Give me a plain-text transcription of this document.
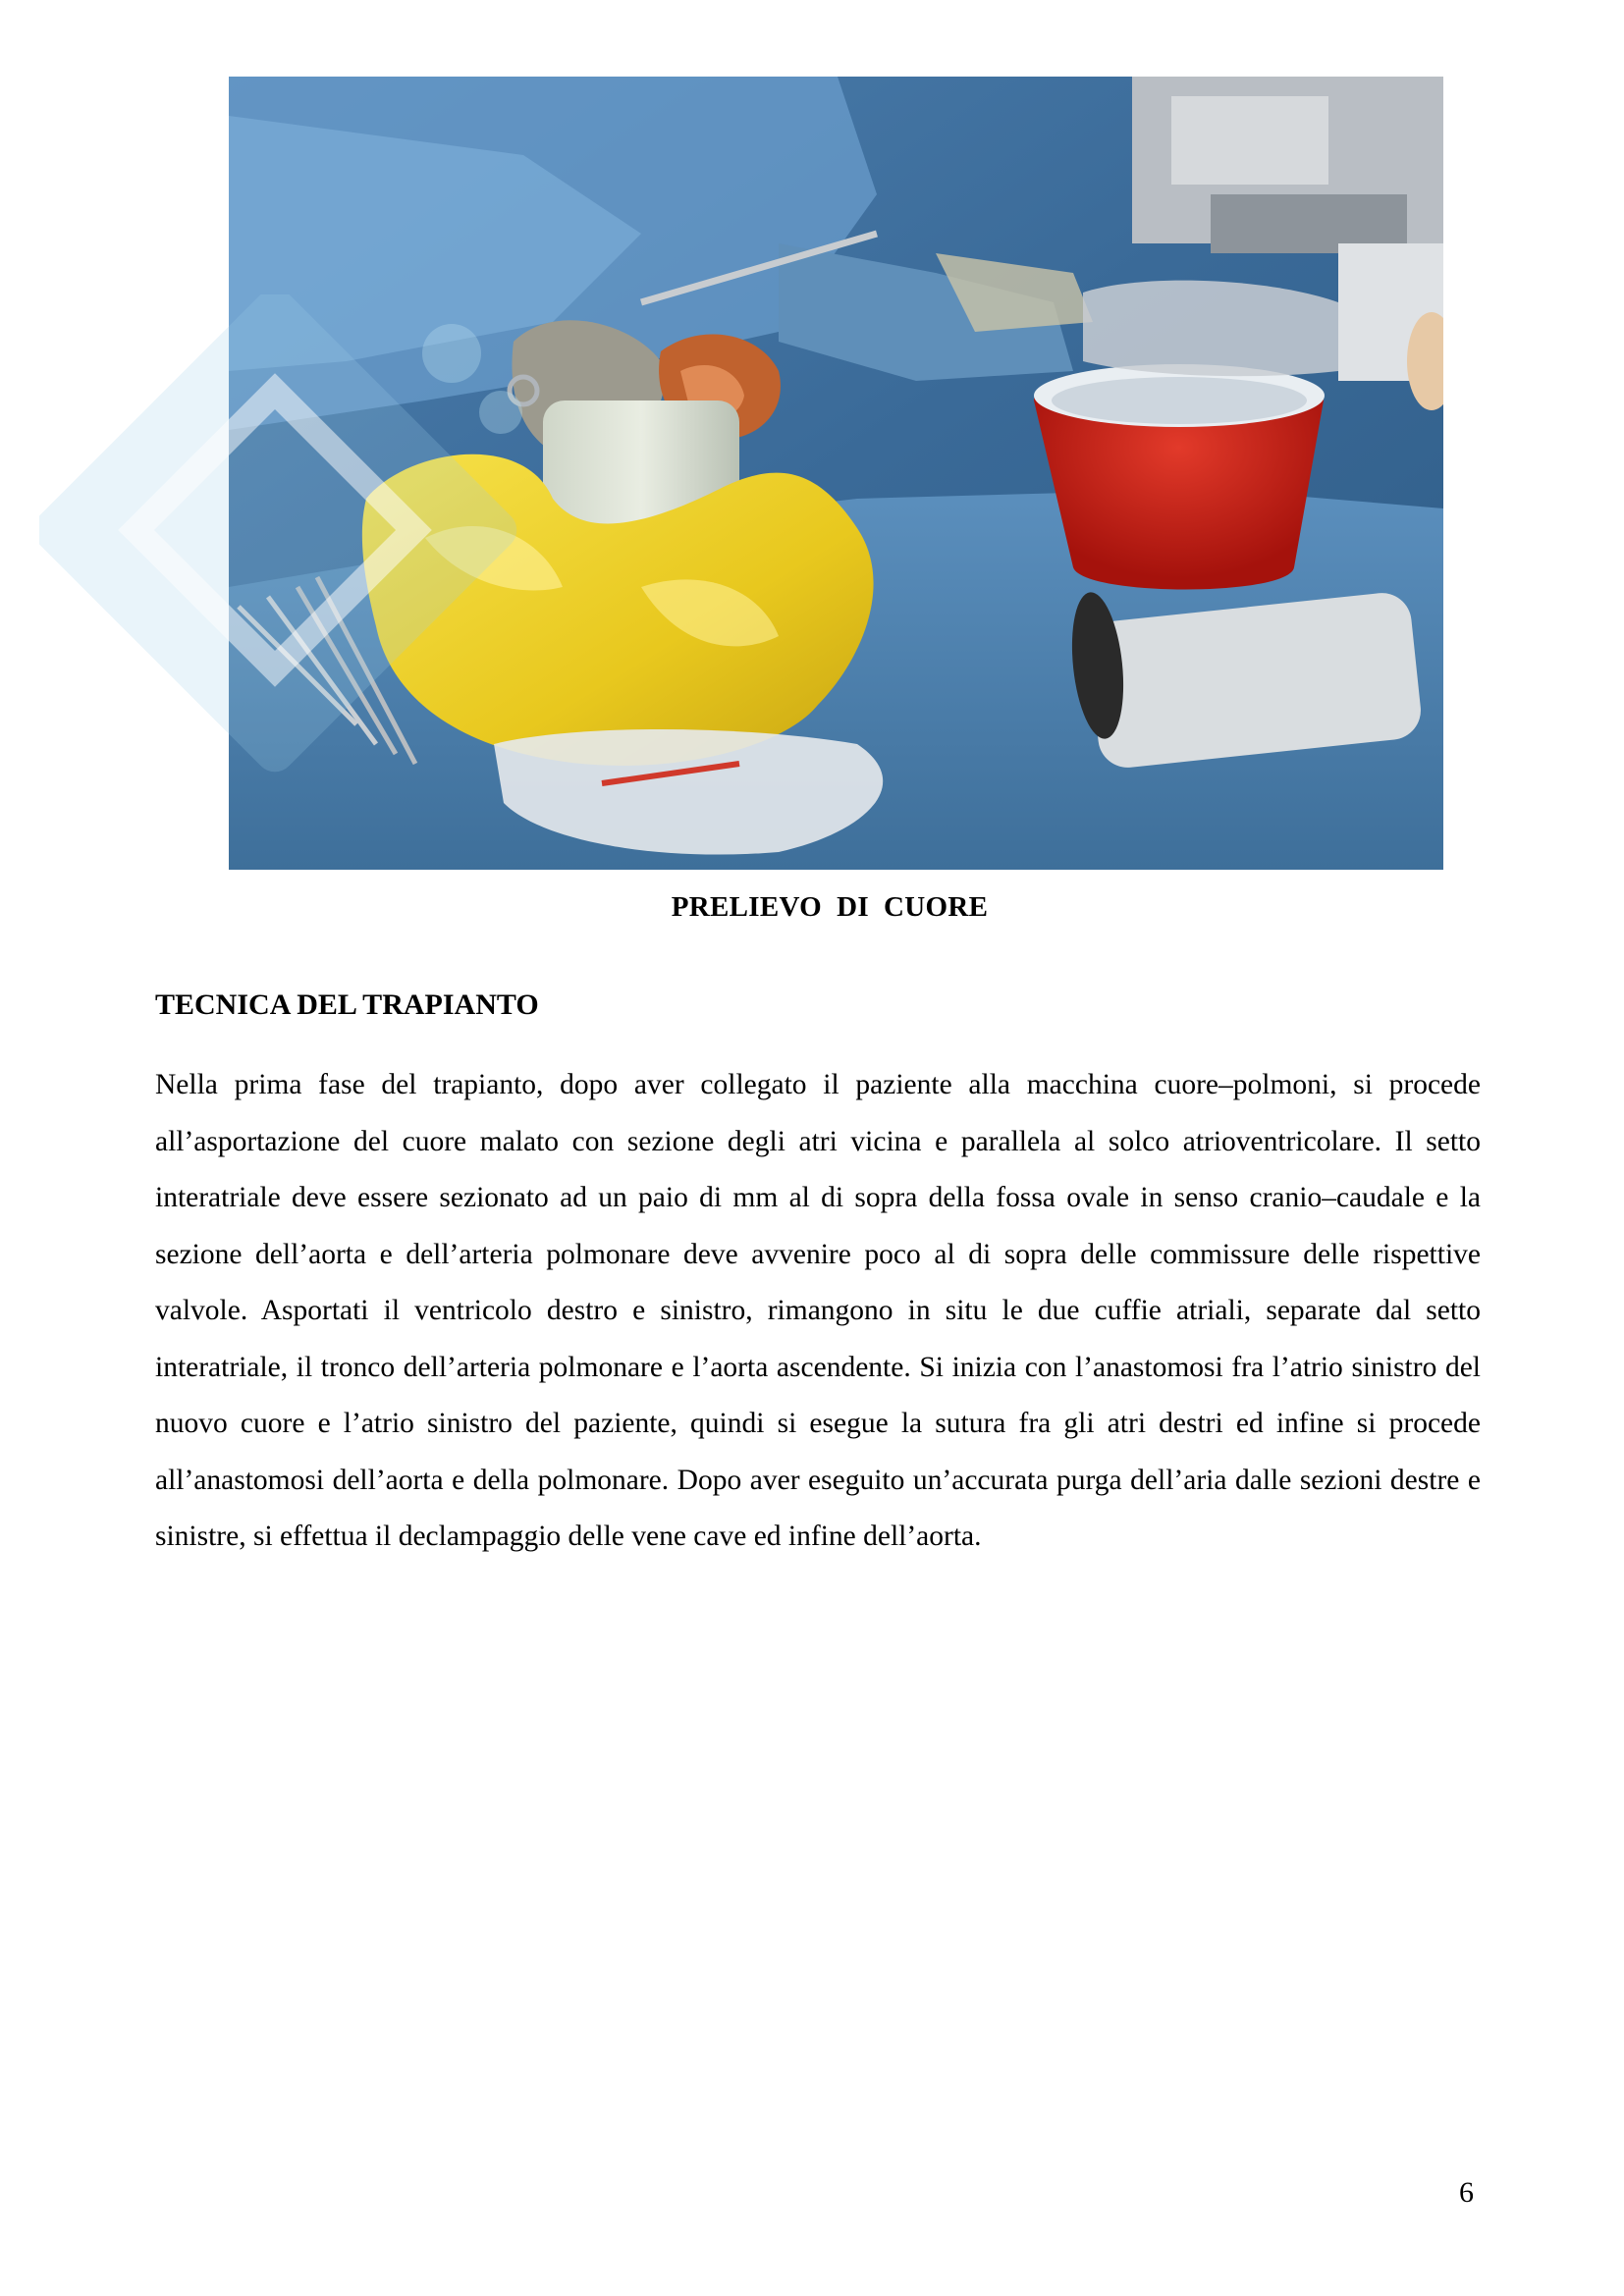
PRELIEVO  DI  CUORE
TECNICA DEL TRAPIANTO

Nella prima fase del trapianto, dopo aver collegato il paziente alla macchina cuore–polmoni, si procede all’asportazione del cuore malato con sezione degli atri vicina e parallela al solco atrioventricolare. Il setto interatriale deve essere sezionato ad un paio di mm al di sopra della fossa ovale in senso cranio–caudale e la sezione dell’aorta e dell’arteria polmonare deve avvenire poco al di sopra delle commissure delle rispettive valvole. Asportati il ventricolo destro e sinistro, rimangono in situ le due cuffie atriali, separate dal setto interatriale, il tronco dell’arteria polmonare e l’aorta ascendente. Si inizia con l’anastomosi fra l’atrio sinistro del nuovo cuore e l’atrio sinistro del paziente, quindi si esegue la sutura fra gli atri destri ed infine si procede all’anastomosi dell’aorta e della polmonare. Dopo aver eseguito un’accurata purga dell’aria dalle sezioni destre e sinistre, si effettua il declampaggio delle vene cave ed infine dell’aorta.

6
